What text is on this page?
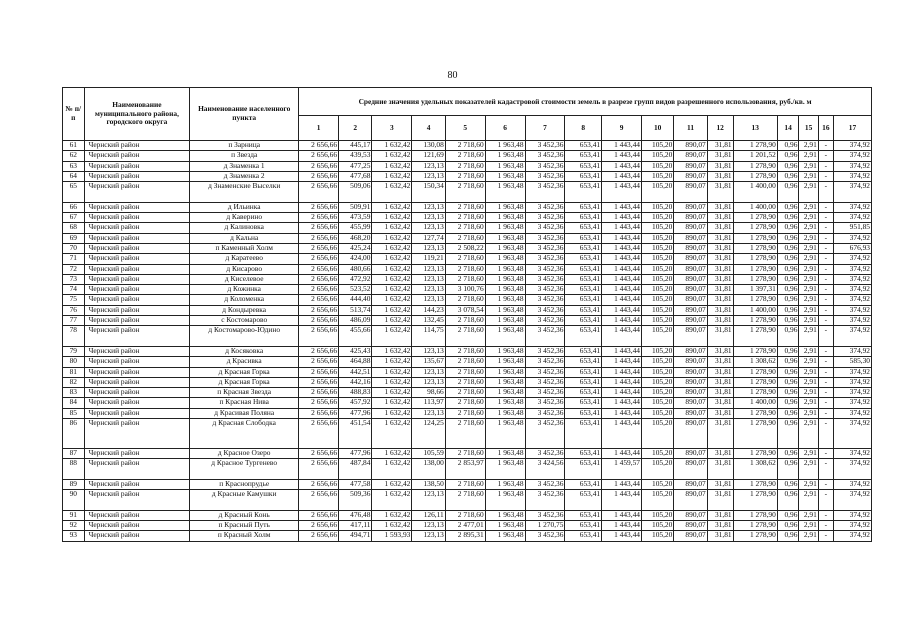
80
№ п/п	Наименование муниципального района, городского округа	Наименование населенного пункта	Средние значения удельных показателей кадастровой стоимости земель в разрезе групп видов разрешенного использования, руб./кв. м																
			1	2	3	4	5	6	7	8	9	10	11	12	13	14	15	16	17
61	Чернский район	п Зарница	2 656,66	445,17	1 632,42	130,08	2 718,60	1 963,48	3 452,36	653,41	1 443,44	105,20	890,07	31,81	1 278,90	0,96	2,91	-	374,92
62	Чернский район	п Звезда	2 656,66	439,53	1 632,42	121,69	2 718,60	1 963,48	3 452,36	653,41	1 443,44	105,20	890,07	31,81	1 201,52	0,96	2,91	-	374,92
63	Чернский район	д Знаменка 1	2 656,66	477,25	1 632,42	123,13	2 718,60	1 963,48	3 452,36	653,41	1 443,44	105,20	890,07	31,81	1 278,90	0,96	2,91	-	374,92
64	Чернский район	д Знаменка 2	2 656,66	477,68	1 632,42	123,13	2 718,60	1 963,48	3 452,36	653,41	1 443,44	105,20	890,07	31,81	1 278,90	0,96	2,91	-	374,92
65	Чернский район	д Знаменские Выселки	2 656,66	509,06	1 632,42	150,34	2 718,60	1 963,48	3 452,36	653,41	1 443,44	105,20	890,07	31,81	1 400,00	0,96	2,91	-	374,92
66	Чернский район	д Ильинка	2 656,66	509,91	1 632,42	123,13	2 718,60	1 963,48	3 452,36	653,41	1 443,44	105,20	890,07	31,81	1 400,00	0,96	2,91	-	374,92
67	Чернский район	д Каверино	2 656,66	473,59	1 632,42	123,13	2 718,60	1 963,48	3 452,36	653,41	1 443,44	105,20	890,07	31,81	1 278,90	0,96	2,91	-	374,92
68	Чернский район	д Калиновка	2 656,66	455,99	1 632,42	123,13	2 718,60	1 963,48	3 452,36	653,41	1 443,44	105,20	890,07	31,81	1 278,90	0,96	2,91	-	951,85
69	Чернский район	д Кальна	2 656,66	468,20	1 632,42	127,74	2 718,60	1 963,48	3 452,36	653,41	1 443,44	105,20	890,07	31,81	1 278,90	0,96	2,91	-	374,92
70	Чернский район	п Каменный Холм	2 656,66	425,24	1 632,42	123,13	2 508,22	1 963,48	3 452,36	653,41	1 443,44	105,20	890,07	31,81	1 278,90	0,96	2,91	-	676,93
71	Чернский район	д Каратеево	2 656,66	424,00	1 632,42	119,21	2 718,60	1 963,48	3 452,36	653,41	1 443,44	105,20	890,07	31,81	1 278,90	0,96	2,91	-	374,92
72	Чернский район	д Кисарово	2 656,66	480,66	1 632,42	123,13	2 718,60	1 963,48	3 452,36	653,41	1 443,44	105,20	890,07	31,81	1 278,90	0,96	2,91	-	374,92
73	Чернский район	д Киселевое	2 656,66	472,92	1 632,42	123,13	2 718,60	1 963,48	3 452,36	653,41	1 443,44	105,20	890,07	31,81	1 278,90	0,96	2,91	-	374,92
74	Чернский район	д Кожинка	2 656,66	523,52	1 632,42	123,13	3 100,76	1 963,48	3 452,36	653,41	1 443,44	105,20	890,07	31,81	1 397,31	0,96	2,91	-	374,92
75	Чернский район	д Коломенка	2 656,66	444,40	1 632,42	123,13	2 718,60	1 963,48	3 452,36	653,41	1 443,44	105,20	890,07	31,81	1 278,90	0,96	2,91	-	374,92
76	Чернский район	д Кондыревка	2 656,66	513,74	1 632,42	144,23	3 078,54	1 963,48	3 452,36	653,41	1 443,44	105,20	890,07	31,81	1 400,00	0,96	2,91	-	374,92
77	Чернский район	с Костомарово	2 656,66	486,09	1 632,42	132,45	2 718,60	1 963,48	3 452,36	653,41	1 443,44	105,20	890,07	31,81	1 278,90	0,96	2,91	-	374,92
78	Чернский район	д Костомарово-Юдино	2 656,66	455,66	1 632,42	114,75	2 718,60	1 963,48	3 452,36	653,41	1 443,44	105,20	890,07	31,81	1 278,90	0,96	2,91	-	374,92
79	Чернский район	д Косяковка	2 656,66	425,43	1 632,42	123,13	2 718,60	1 963,48	3 452,36	653,41	1 443,44	105,20	890,07	31,81	1 278,90	0,96	2,91	-	374,92
80	Чернский район	д Красивка	2 656,66	464,88	1 632,42	135,67	2 718,60	1 963,48	3 452,36	653,41	1 443,44	105,20	890,07	31,81	1 308,62	0,96	2,91	-	585,30
81	Чернский район	д Красная Горка	2 656,66	442,51	1 632,42	123,13	2 718,60	1 963,48	3 452,36	653,41	1 443,44	105,20	890,07	31,81	1 278,90	0,96	2,91	-	374,92
82	Чернский район	д Красная Горка	2 656,66	442,16	1 632,42	123,13	2 718,60	1 963,48	3 452,36	653,41	1 443,44	105,20	890,07	31,81	1 278,90	0,96	2,91	-	374,92
83	Чернский район	п Красная Звезда	2 656,66	488,83	1 632,42	98,66	2 718,60	1 963,48	3 452,36	653,41	1 443,44	105,20	890,07	31,81	1 278,90	0,96	2,91	-	374,92
84	Чернский район	п Красная Нива	2 656,66	457,92	1 632,42	113,97	2 718,60	1 963,48	3 452,36	653,41	1 443,44	105,20	890,07	31,81	1 400,00	0,96	2,91	-	374,92
85	Чернский район	д Красивая Поляна	2 656,66	477,96	1 632,42	123,13	2 718,60	1 963,48	3 452,36	653,41	1 443,44	105,20	890,07	31,81	1 278,90	0,96	2,91	-	374,92
86	Чернский район	д Красная Слободка	2 656,66	451,54	1 632,42	124,25	2 718,60	1 963,48	3 452,36	653,41	1 443,44	105,20	890,07	31,81	1 278,90	0,96	2,91	-	374,92
87	Чернский район	д Красное Озеро	2 656,66	477,96	1 632,42	105,59	2 718,60	1 963,48	3 452,36	653,41	1 443,44	105,20	890,07	31,81	1 278,90	0,96	2,91	-	374,92
88	Чернский район	д Красное Тургенево	2 656,66	487,84	1 632,42	138,00	2 853,97	1 963,48	3 424,56	653,41	1 459,57	105,20	890,07	31,81	1 308,62	0,96	2,91	-	374,92
89	Чернский район	п Краснопрудье	2 656,66	477,58	1 632,42	138,50	2 718,60	1 963,48	3 452,36	653,41	1 443,44	105,20	890,07	31,81	1 278,90	0,96	2,91	-	374,92
90	Чернский район	д Красные Камушки	2 656,66	509,36	1 632,42	123,13	2 718,60	1 963,48	3 452,36	653,41	1 443,44	105,20	890,07	31,81	1 278,90	0,96	2,91	-	374,92
91	Чернский район	д Красный Конь	2 656,66	476,48	1 632,42	126,11	2 718,60	1 963,48	3 452,36	653,41	1 443,44	105,20	890,07	31,81	1 278,90	0,96	2,91	-	374,92
92	Чернский район	п Красный Путь	2 656,66	417,11	1 632,42	123,13	2 477,01	1 963,48	1 270,75	653,41	1 443,44	105,20	890,07	31,81	1 278,90	0,96	2,91	-	374,92
93	Чернский район	п Красный Холм	2 656,66	494,71	1 593,93	123,13	2 895,31	1 963,48	3 452,36	653,41	1 443,44	105,20	890,07	31,81	1 278,90	0,96	2,91	-	374,92
